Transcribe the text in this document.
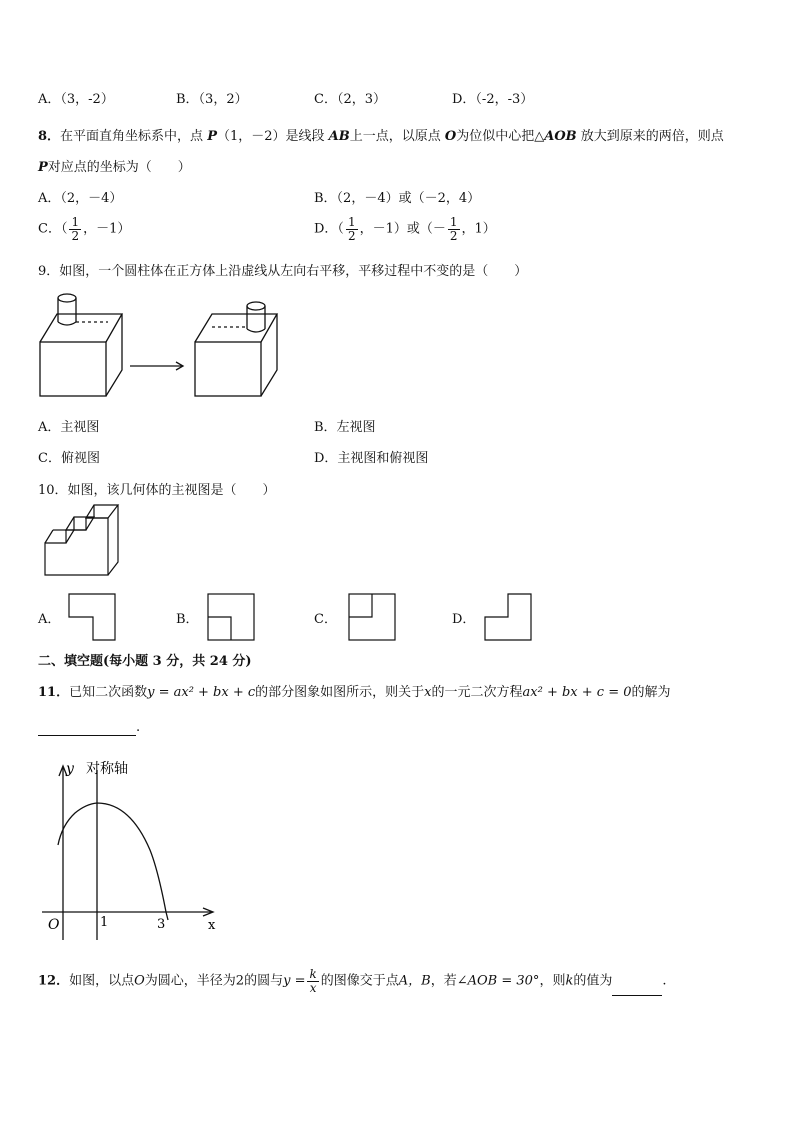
A．（3，-2）	B．（3，2）	C．（2，3）	D．（-2，-3）
8．在平面直角坐标系中，点 P（1，－2）是线段 AB上一点，以原点 O为位似中心把△AOB 放大到原来的两倍，则点
P对应点的坐标为（　　）
A．（2，－4）	B．（2，－4）或（－2，4）
C．（ $\frac{1}{2}$ ，－1）	D．（ $\frac{1}{2}$ ，－1）或（－ $\frac{1}{2}$ ，1）
9．如图，一个圆柱体在正方体上沿虚线从左向右平移，平移过程中不变的是（　　）
A．主视图	B．左视图
C．俯视图	D．主视图和俯视图
10．如图，该几何体的主视图是（　　）
A．	B．	C．	D．
二、填空题(每小题 3 分，共 24 分)
11．已知二次函数y = ax² + bx + c的部分图象如图所示，则关于x的一元二次方程ax² + bx + c = 0的解为
.
y 对称轴
x
O	1	3
12．如图，以点O为圆心，半径为2的圆与$y = \frac{k}{x}$ 的图像交于点A，B，若∠AOB = 30°，则k的值为	.
